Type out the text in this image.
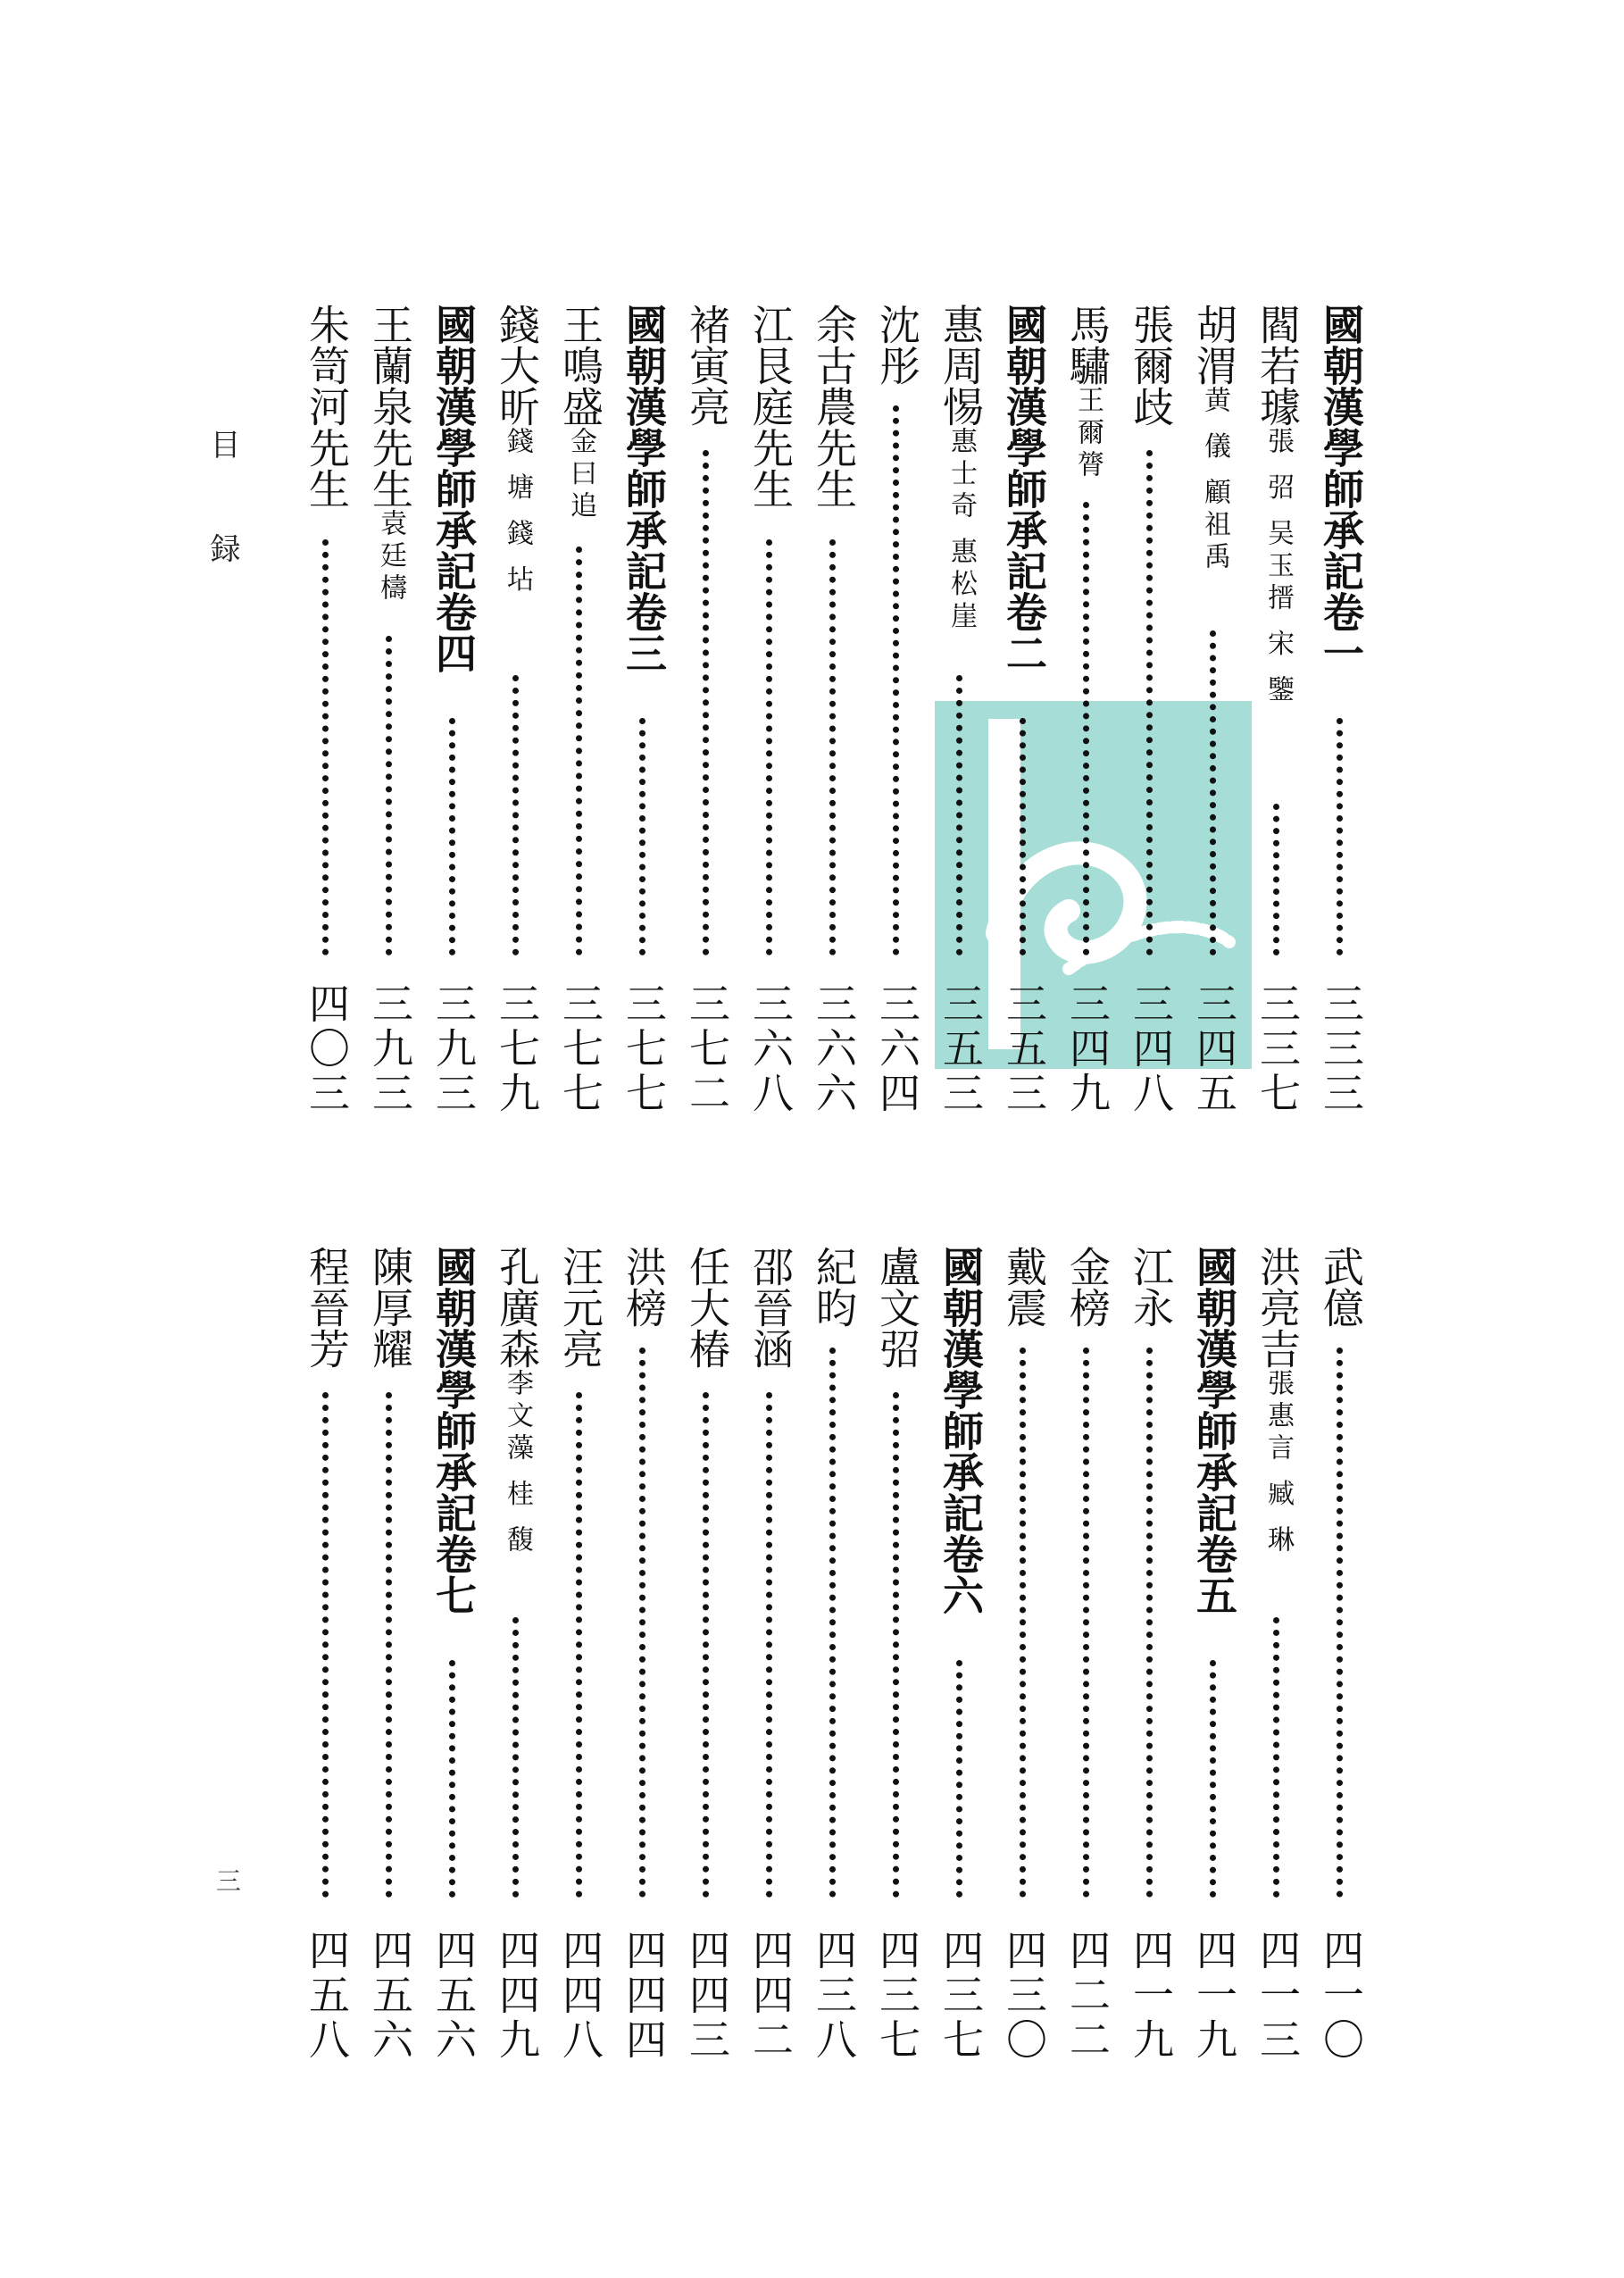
目 録
三
國朝漢學師承記卷一
三三三
閻若璩張 弨 吴玉搢 宋 鑒
三三七
胡渭黄 儀 顧祖禹
三四五
張爾歧
三四八
馬驌王爾膂
三四九
國朝漢學師承記卷二
三五三
惠周惕惠士奇 惠松崖
三五三
沈彤
三六四
余古農先生
三六六
江艮庭先生
三六八
褚寅亮
三七二
國朝漢學師承記卷三
三七七
王鳴盛金曰追
三七七
錢大昕錢 塘 錢 坫
三七九
國朝漢學師承記卷四
三九三
王蘭泉先生袁廷檮
三九三
朱笥河先生
四〇三
武億
四一〇
洪亮吉張惠言 臧 琳
四一三
國朝漢學師承記卷五
四一九
江永
四一九
金榜
四二二
戴震
四三〇
國朝漢學師承記卷六
四三七
盧文弨
四三七
紀昀
四三八
邵晉涵
四四二
任大椿
四四三
洪榜
四四四
汪元亮
四四八
孔廣森李文藻 桂 馥
四四九
國朝漢學師承記卷七
四五六
陳厚耀
四五六
程晉芳
四五八
